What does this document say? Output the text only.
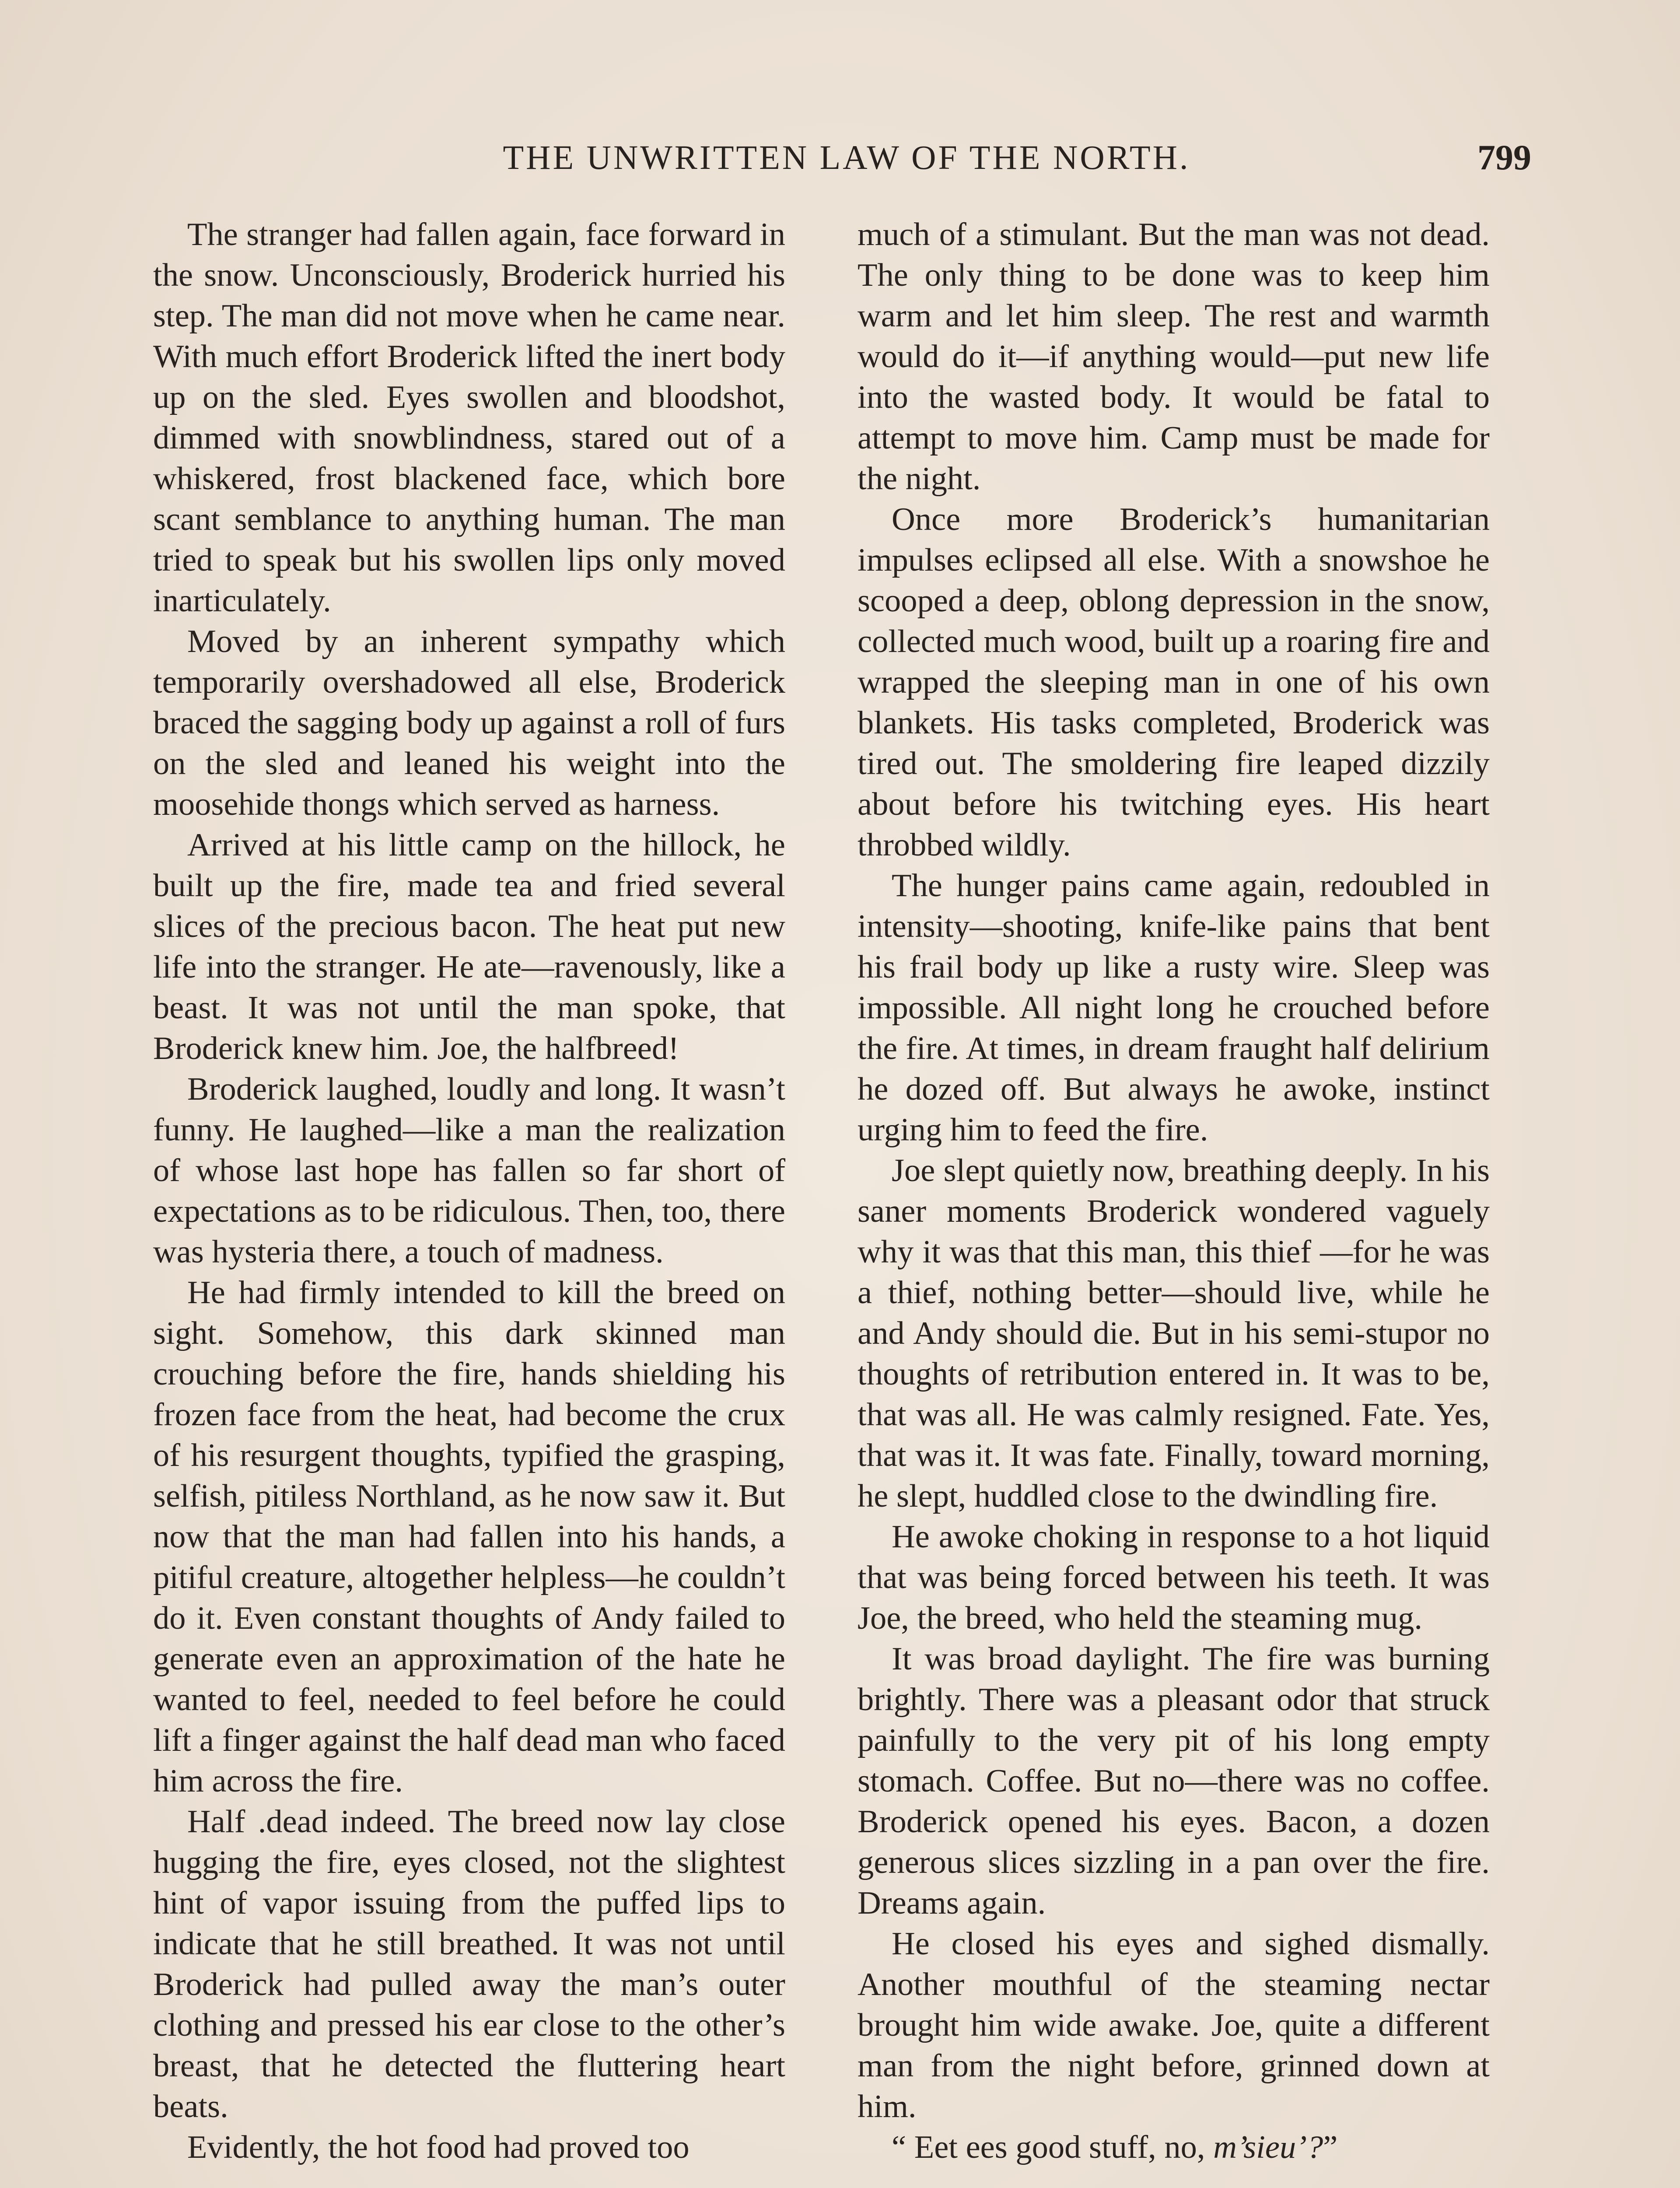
THE UNWRITTEN LAW OF THE NORTH.	799

The stranger had fallen again, face forward in the snow. Unconsciously, Broderick hurried his step. The man did not move when he came near. With much effort Broderick lifted the inert body up on the sled. Eyes swollen and bloodshot, dimmed with snowblindness, stared out of a whiskered, frost blackened face, which bore scant semblance to anything human. The man tried to speak but his swollen lips only moved inarticulately.

Moved by an inherent sympathy which temporarily overshadowed all else, Broderick braced the sagging body up against a roll of furs on the sled and leaned his weight into the moosehide thongs which served as harness.

Arrived at his little camp on the hillock, he built up the fire, made tea and fried several slices of the precious bacon. The heat put new life into the stranger. He ate—ravenously, like a beast. It was not until the man spoke, that Broderick knew him. Joe, the halfbreed!

Broderick laughed, loudly and long. It wasn’t funny. He laughed—like a man the realization of whose last hope has fallen so far short of expectations as to be ridiculous. Then, too, there was hysteria there, a touch of madness.

He had firmly intended to kill the breed on sight. Somehow, this dark skinned man crouching before the fire, hands shielding his frozen face from the heat, had become the crux of his resurgent thoughts, typified the grasping, selfish, pitiless Northland, as he now saw it. But now that the man had fallen into his hands, a pitiful creature, altogether helpless—he couldn’t do it. Even constant thoughts of Andy failed to generate even an approximation of the hate he wanted to feel, needed to feel before he could lift a finger against the half dead man who faced him across the fire.

Half .dead indeed. The breed now lay close hugging the fire, eyes closed, not the slightest hint of vapor issuing from the puffed lips to indicate that he still breathed. It was not until Broderick had pulled away the man’s outer clothing and pressed his ear close to the other’s breast, that he detected the fluttering heart beats.

Evidently, the hot food had proved too

much of a stimulant. But the man was not dead. The only thing to be done was to keep him warm and let him sleep. The rest and warmth would do it—if anything would—put new life into the wasted body. It would be fatal to attempt to move him. Camp must be made for the night.

Once more Broderick’s humanitarian impulses eclipsed all else. With a snowshoe he scooped a deep, oblong depression in the snow, collected much wood, built up a roaring fire and wrapped the sleeping man in one of his own blankets. His tasks completed, Broderick was tired out. The smoldering fire leaped dizzily about before his twitching eyes. His heart throbbed wildly.

The hunger pains came again, redoubled in intensity—shooting, knife-like pains that bent his frail body up like a rusty wire. Sleep was impossible. All night long he crouched before the fire. At times, in dream fraught half delirium he dozed off. But always he awoke, instinct urging him to feed the fire.

Joe slept quietly now, breathing deeply. In his saner moments Broderick wondered vaguely why it was that this man, this thief —for he was a thief, nothing better—should live, while he and Andy should die. But in his semi-stupor no thoughts of retribution entered in. It was to be, that was all. He was calmly resigned. Fate. Yes, that was it. It was fate. Finally, toward morning, he slept, huddled close to the dwindling fire.

He awoke choking in response to a hot liquid that was being forced between his teeth. It was Joe, the breed, who held the steaming mug.

It was broad daylight. The fire was burning brightly. There was a pleasant odor that struck painfully to the very pit of his long empty stomach. Coffee. But no—there was no coffee. Broderick opened his eyes. Bacon, a dozen generous slices sizzling in a pan over the fire. Dreams again.

He closed his eyes and sighed dismally. Another mouthful of the steaming nectar brought him wide awake. Joe, quite a different man from the night before, grinned down at him.

“ Eet ees good stuff, no, m’sieu’?”
